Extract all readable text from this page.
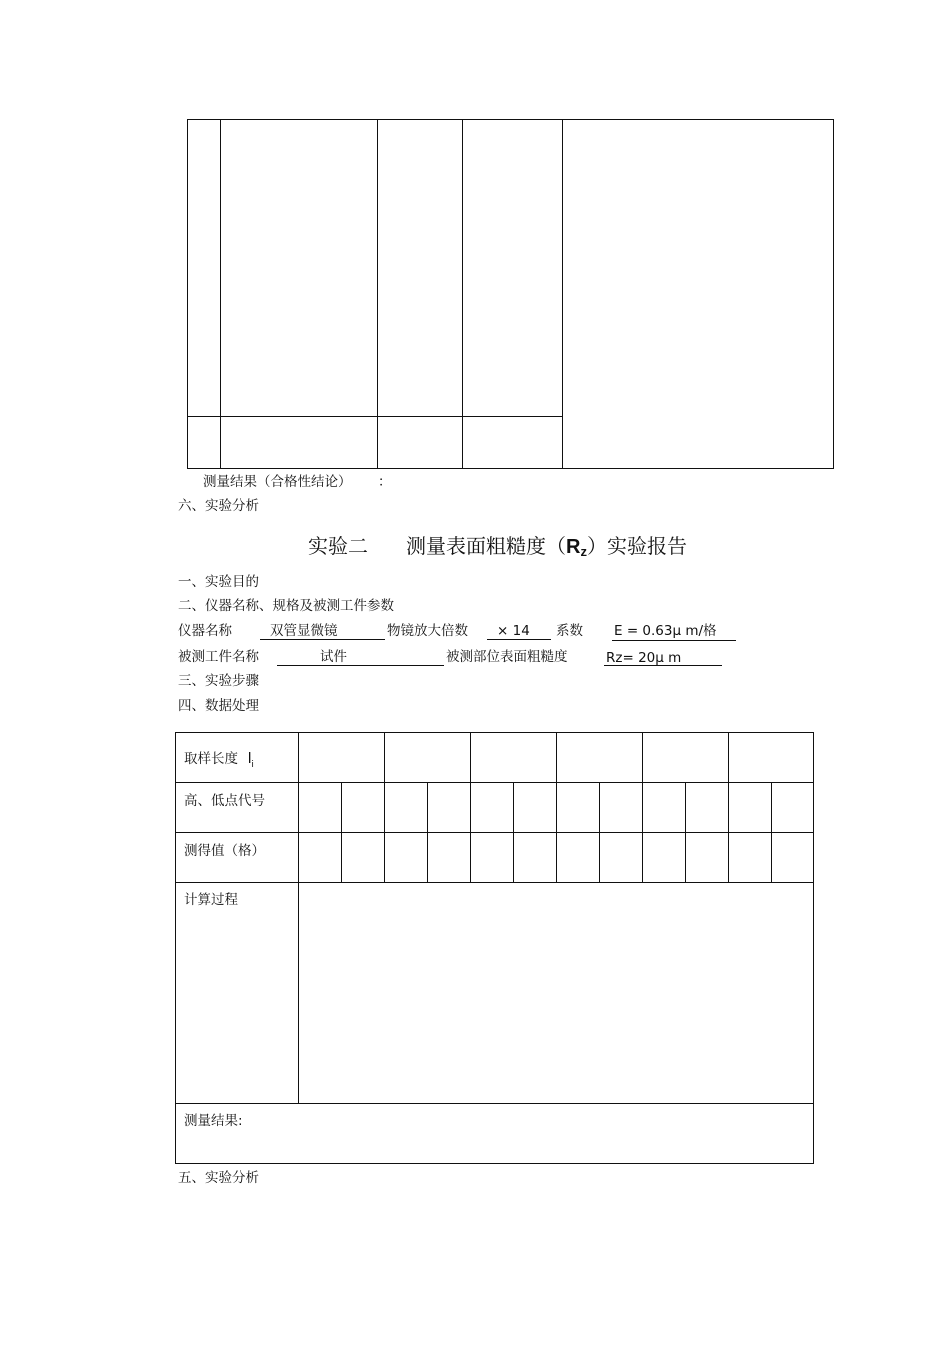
测量结果（合格性结论） ：
六、实验分析
实验二 测量表面粗糙度$(R_z)$实验报告
一、实验目的
二、仪器名称、规格及被测工件参数
仪器名称	双管显微镜	物镜放大倍数 × 14 系数 E = 0.63μ m/格
被测工件名称	试件	被测部位表面粗糙度	Rz= 20μ m
三、实验步骤
四、数据处理
取样长度 $l_i$

高、低点代号												

测得值（格）												

计算过程												

测量结果:												
五、实验分析
